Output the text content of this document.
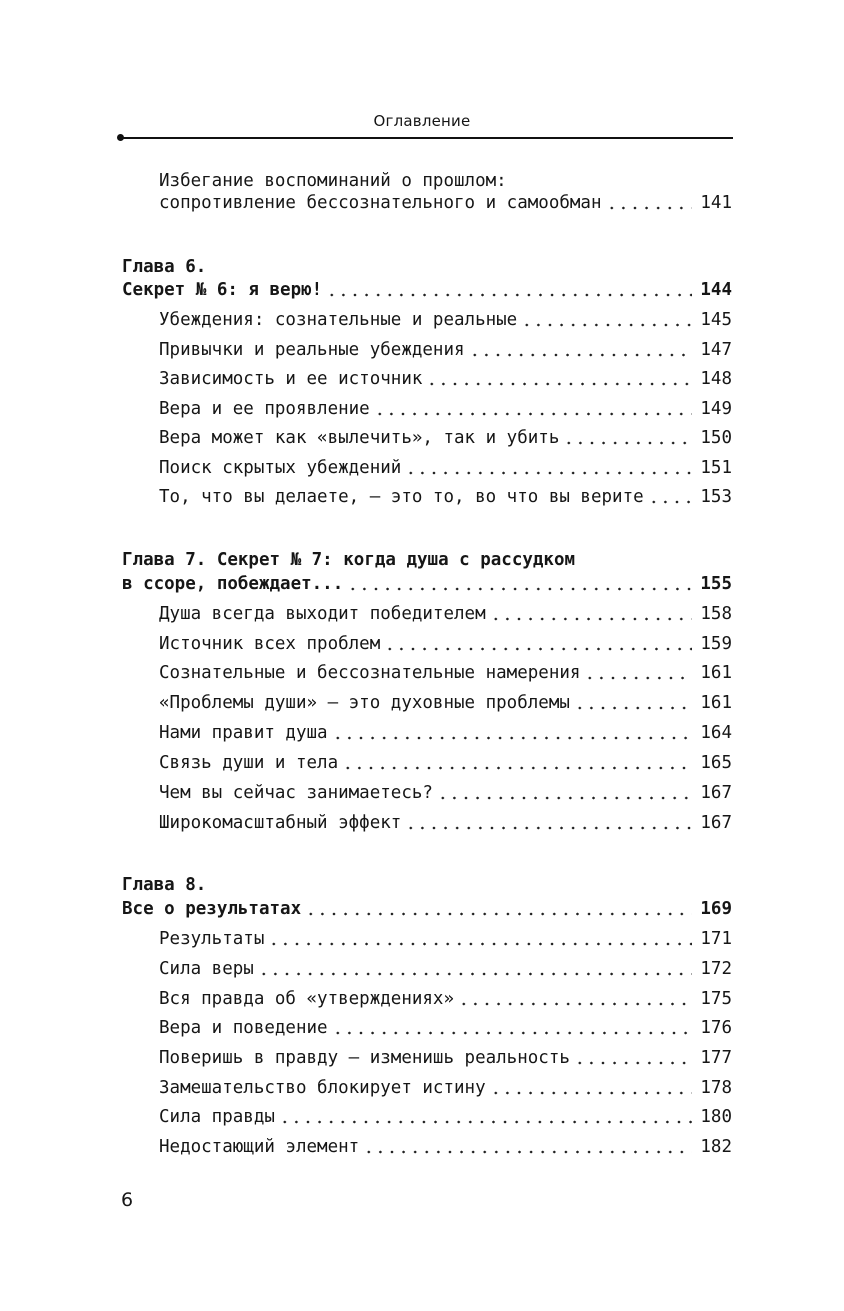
Оглавление
Избегание воспоминаний о прошлом:
сопротивление бессознательного и самообман	141
Глава 6.
Секрет № 6: я верю!	144
Убеждения: сознательные и реальные	145
Привычки и реальные убеждения	147
Зависимость и ее источник	148
Вера и ее проявление	149
Вера может как «вылечить», так и убить	150
Поиск скрытых убеждений	151
То, что вы делаете, — это то, во что вы верите	153
Глава 7. Секрет № 7: когда душа с рассудком
в ссоре, побеждает...	155
Душа всегда выходит победителем	158
Источник всех проблем	159
Сознательные и бессознательные намерения	161
«Проблемы души» — это духовные проблемы	161
Нами правит душа	164
Связь души и тела	165
Чем вы сейчас занимаетесь?	167
Широкомасштабный эффект	167
Глава 8.
Все о результатах	169
Результаты	171
Сила веры	172
Вся правда об «утверждениях»	175
Вера и поведение	176
Поверишь в правду — изменишь реальность	177
Замешательство блокирует истину	178
Сила правды	180
Недостающий элемент	182
6
